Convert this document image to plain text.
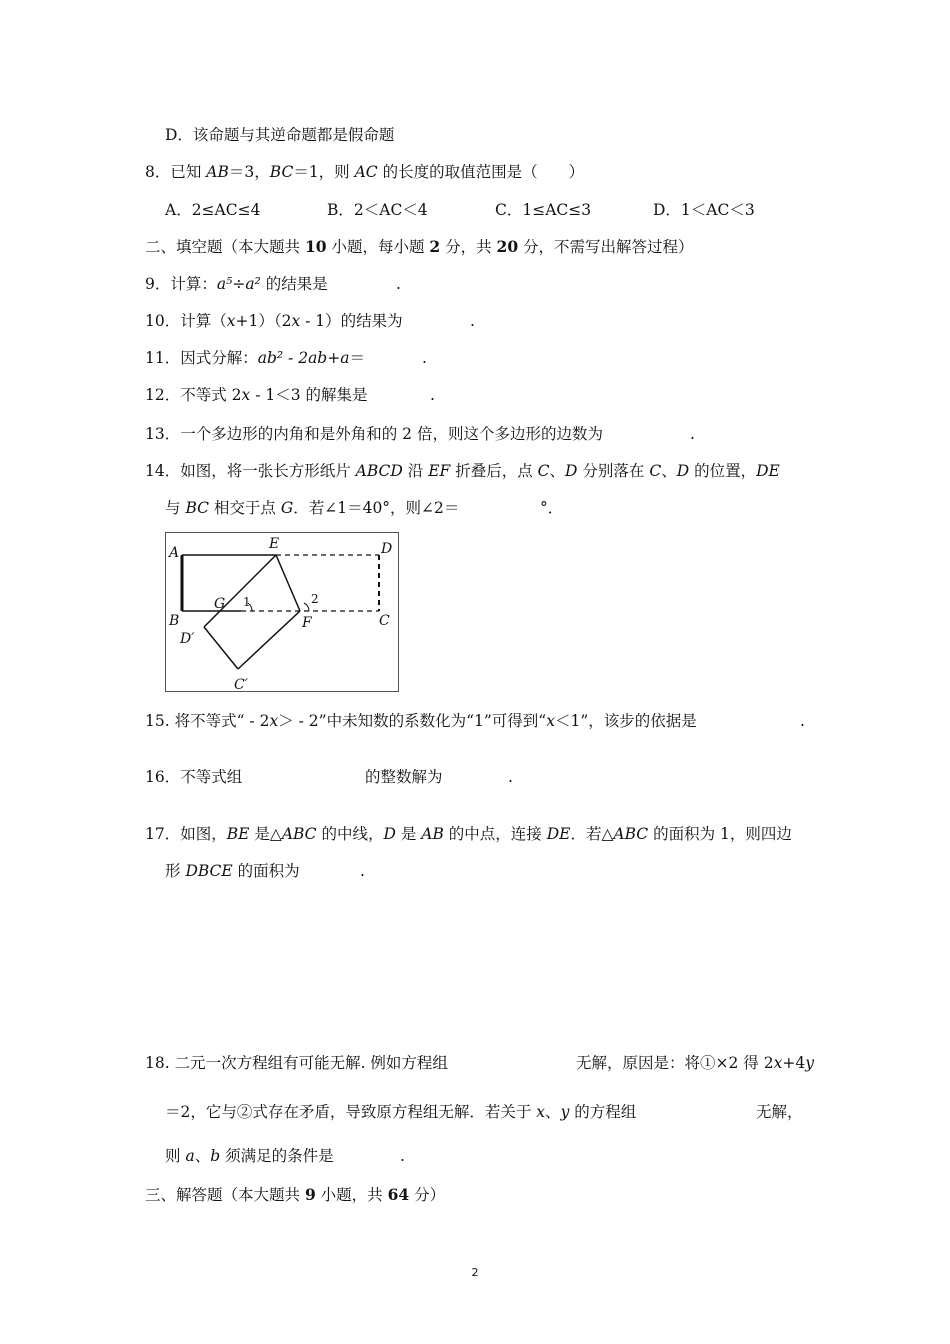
D．该命题与其逆命题都是假命题
8．已知 AB＝3，BC＝1，则 AC 的长度的取值范围是（　　）
A．2≤AC≤4	B．2＜AC＜4	C．1≤AC≤3	D．1＜AC＜3
二、填空题（本大题共 10 小题，每小题 2 分，共 20 分，不需写出解答过程）
9．计算：a⁵÷a² 的结果是	.
10．计算（x+1）（2x - 1）的结果为	.
11．因式分解：ab² - 2ab+a＝	.
12．不等式 2x - 1＜3 的解集是	.
13．一个多边形的内角和是外角和的 2 倍，则这个多边形的边数为	.
14．如图，将一张长方形纸片 ABCD 沿 EF 折叠后，点 C、D 分别落在 C、D 的位置，DE
与 BC 相交于点 G．若∠1＝40°，则∠2＝	°．
A
E	D
B
G
F	C
D′
C′
1	2
15. 将不等式“ - 2x＞ - 2”中未知数的系数化为“1”可得到“x＜1”，该步的依据是	.
16．不等式组	的整数解为	.
17．如图，BE 是△ABC 的中线，D 是 AB 的中点，连接 DE．若△ABC 的面积为 1，则四边
形 DBCE 的面积为	.
18. 二元一次方程组有可能无解. 例如方程组	无解，原因是：将①×2 得 2x+4y
＝2，它与②式存在矛盾，导致原方程组无解．若关于 x、y 的方程组	无解，
则 a、b 须满足的条件是	.
三、解答题（本大题共 9 小题，共 64 分）
2
